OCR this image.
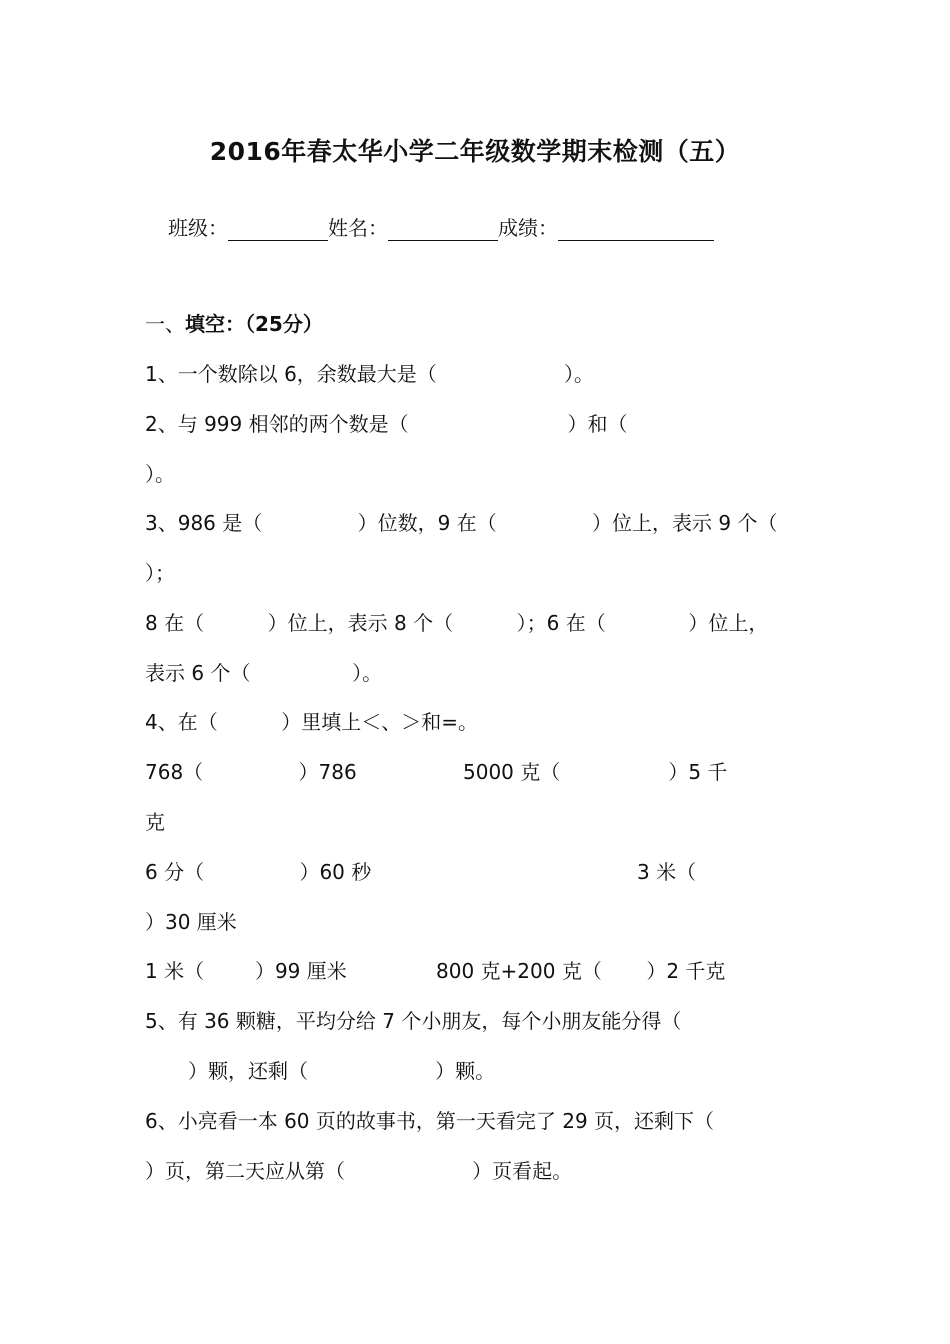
2016年春太华小学二年级数学期末检测（五）
班级：	姓名：	成绩：
一、填空：（25分）
1、一个数除以 6，余数最大是（                    ）。
2、与 999 相邻的两个数是（                         ）和（
）。
3、986 是（               ）位数，9 在（               ）位上，表示 9 个（
）；
8 在（          ）位上，表示 8 个（          ）；6 在（             ）位上，
表示 6 个（                ）。
4、在（          ）里填上＜、＞和=。
768（               ）786	5000 克（                 ）5 千
克
6 分（               ）60 秒	3 米（
）30 厘米
1 米（        ）99 厘米	800 克+200 克（       ）2 千克
5、有 36 颗糖，平均分给 7 个小朋友，每个小朋友能分得（
）颗，还剩（                    ）颗。
6、小亮看一本 60 页的故事书，第一天看完了 29 页，还剩下（
）页，第二天应从第（                    ）页看起。
